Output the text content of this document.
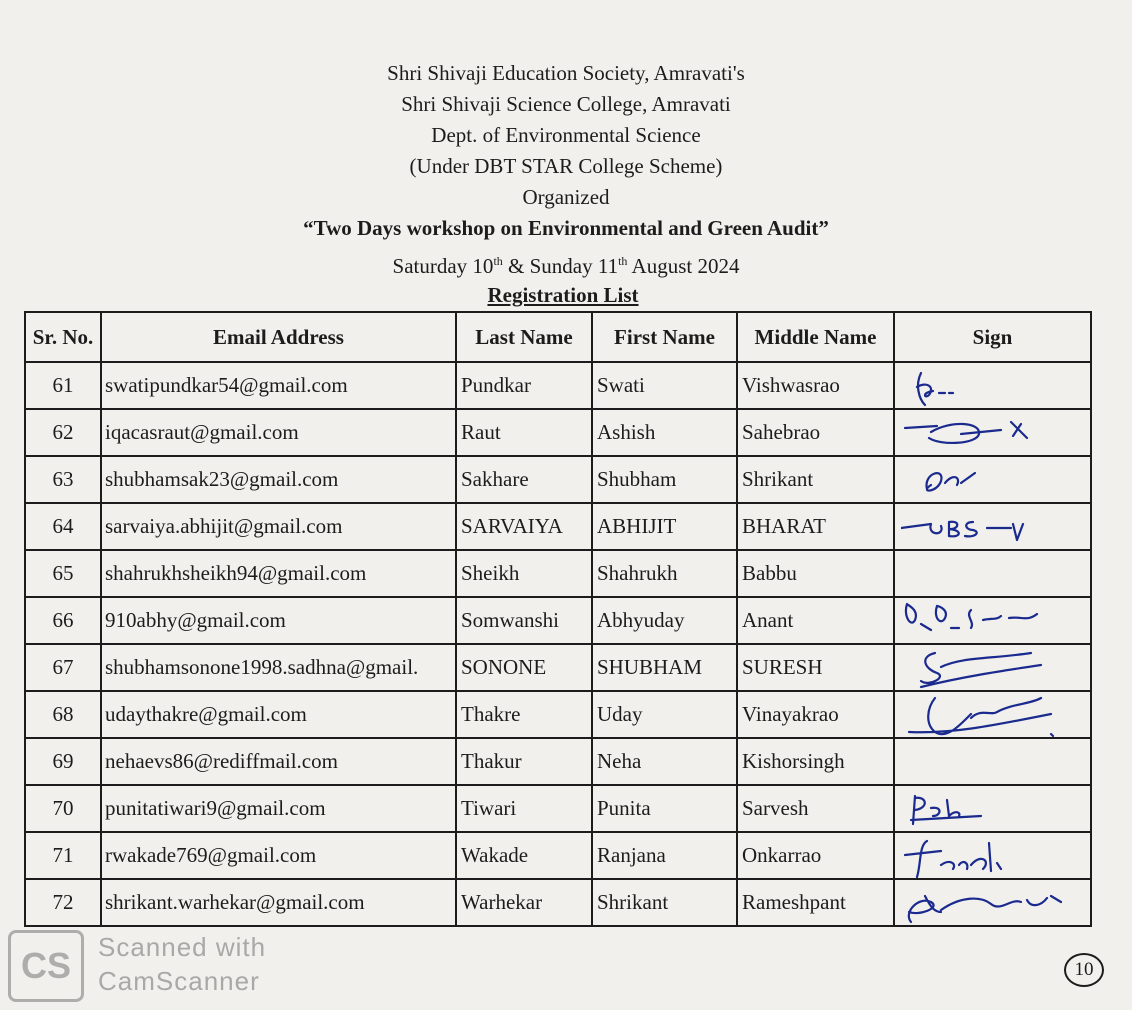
Shri Shivaji Education Society, Amravati's
Shri Shivaji Science College, Amravati
Dept. of Environmental Science
(Under DBT STAR College Scheme)
Organized
“Two Days workshop on Environmental and Green Audit”
Saturday 10th & Sunday 11th August 2024
Registration List
Sr. No.	Email Address	Last Name	First Name	Middle Name	Sign
61	swatipundkar54@gmail.com	Pundkar	Swati	Vishwasrao	

62	iqacasraut@gmail.com	Raut	Ashish	Sahebrao	

63	shubhamsak23@gmail.com	Sakhare	Shubham	Shrikant	

64	sarvaiya.abhijit@gmail.com	SARVAIYA	ABHIJIT	BHARAT	

65	shahrukhsheikh94@gmail.com	Sheikh	Shahrukh	Babbu	
66	910abhy@gmail.com	Somwanshi	Abhyuday	Anant	

67	shubhamsonone1998.sadhna@gmail.	SONONE	SHUBHAM	SURESH	

68	udaythakre@gmail.com	Thakre	Uday	Vinayakrao	

69	nehaevs86@rediffmail.com	Thakur	Neha	Kishorsingh	
70	punitatiwari9@gmail.com	Tiwari	Punita	Sarvesh	

71	rwakade769@gmail.com	Wakade	Ranjana	Onkarrao	

72	shrikant.warhekar@gmail.com	Warhekar	Shrikant	Rameshpant	
CS	Scanned with
CamScanner	10
